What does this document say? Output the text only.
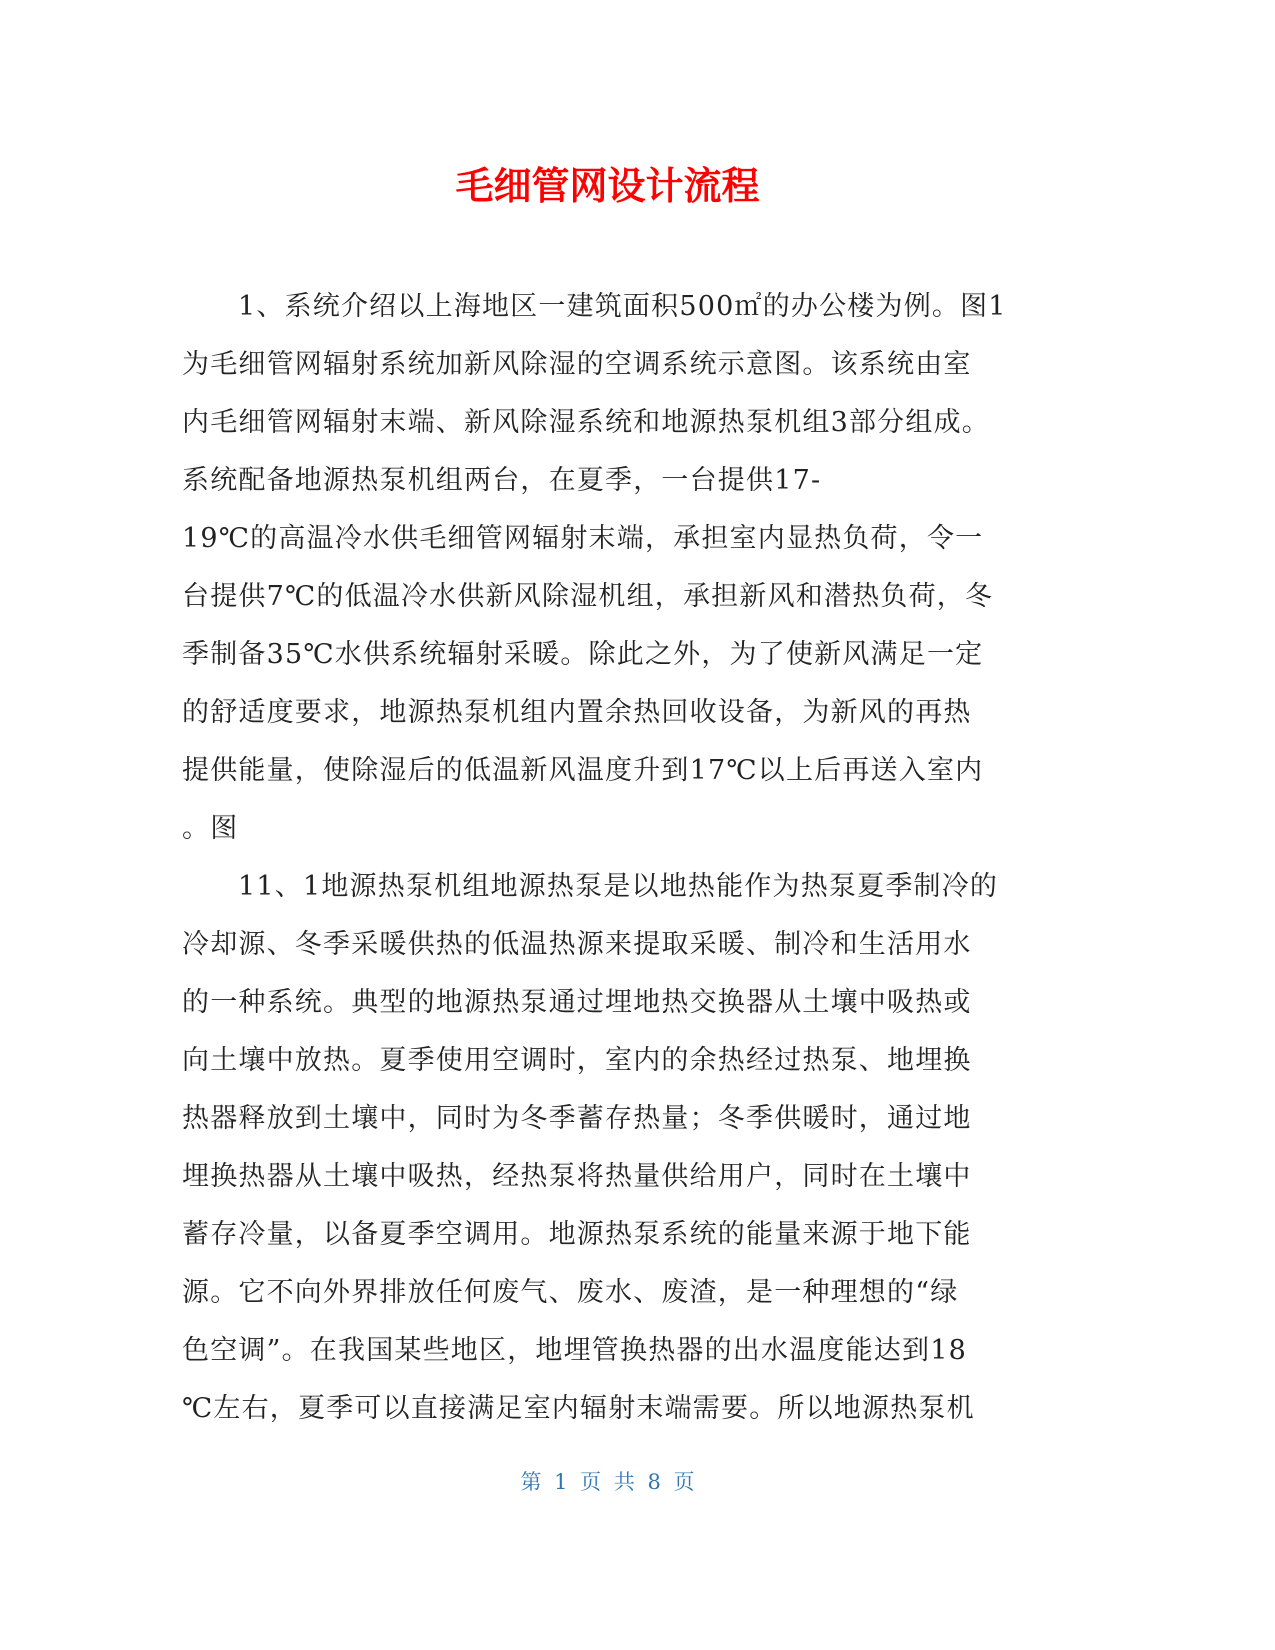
毛细管网设计流程
1、系统介绍以上海地区一建筑面积500㎡的办公楼为例。图1
为毛细管网辐射系统加新风除湿的空调系统示意图。该系统由室
内毛细管网辐射末端、新风除湿系统和地源热泵机组3部分组成。
系统配备地源热泵机组两台，在夏季，一台提供17-
19℃的高温冷水供毛细管网辐射末端，承担室内显热负荷，令一
台提供7℃的低温冷水供新风除湿机组，承担新风和潜热负荷，冬
季制备35℃水供系统辐射采暖。除此之外，为了使新风满足一定
的舒适度要求，地源热泵机组内置余热回收设备，为新风的再热
提供能量，使除湿后的低温新风温度升到17℃以上后再送入室内
。图
11、1地源热泵机组地源热泵是以地热能作为热泵夏季制冷的
冷却源、冬季采暖供热的低温热源来提取采暖、制冷和生活用水
的一种系统。典型的地源热泵通过埋地热交换器从土壤中吸热或
向土壤中放热。夏季使用空调时，室内的余热经过热泵、地埋换
热器释放到土壤中，同时为冬季蓄存热量；冬季供暖时，通过地
埋换热器从土壤中吸热，经热泵将热量供给用户，同时在土壤中
蓄存冷量，以备夏季空调用。地源热泵系统的能量来源于地下能
源。它不向外界排放任何废气、废水、废渣，是一种理想的“绿
色空调”。在我国某些地区，地埋管换热器的出水温度能达到18
℃左右，夏季可以直接满足室内辐射末端需要。所以地源热泵机
第 1 页 共 8 页
